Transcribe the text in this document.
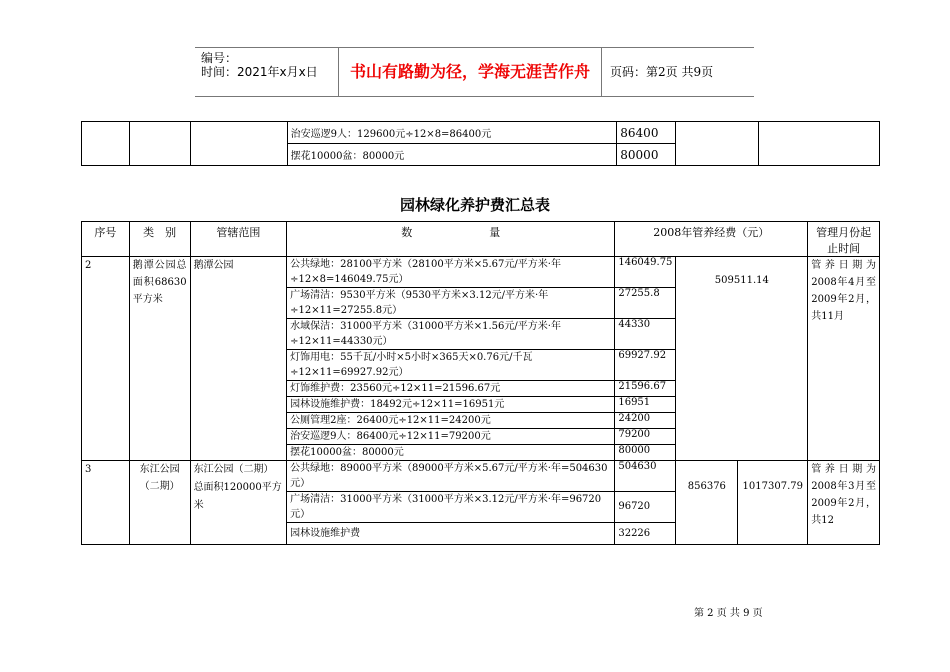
编号：
时间：2021年x月x日	书山有路勤为径，学海无涯苦作舟	页码：第2页 共9页
			治安巡逻9人：129600元÷12×8=86400元	86400		
			摆花10000盆：80000元	80000		
园林绿化养护费汇总表
序号	类　别	管辖范围	数　　　　　　　量	2008年管养经费（元）			管理月份起止时间
2	鹅潭公园总面积68630平方米	鹅潭公园	公共绿地：28100平方米（28100平方米×5.67元/平方米·年÷12×8=146049.75元）	146049.75	509511.14		管养日期为2008年4月至2009年2月，共11月
			广场清洁：9530平方米（9530平方米×3.12元/平方米·年÷12×11=27255.8元）	27255.8			
			水域保洁：31000平方米（31000平方米×1.56元/平方米·年÷12×11=44330元）	44330			
			灯饰用电：55千瓦/小时×5小时×365天×0.76元/千瓦÷12×11=69927.92元）	69927.92			
			灯饰维护费：23560元÷12×11=21596.67元	21596.67			
			园林设施维护费：18492元÷12×11=16951元	16951			
			公厕管理2座：26400元÷12×11=24200元	24200			
			治安巡逻9人：86400元÷12×11=79200元	79200			
			摆花10000盆：80000元	80000			
3	东江公园（二期）	东江公园（二期）总面积120000平方米	公共绿地：89000平方米（89000平方米×5.67元/平方米·年=504630元）	504630	856376	1017307.79	管养日期为2008年3月至2009年2月，共12
			广场清洁：31000平方米（31000平方米×3.12元/平方米·年=96720元）	96720			
			园林设施维护费	32226			
第 2 页 共 9 页
